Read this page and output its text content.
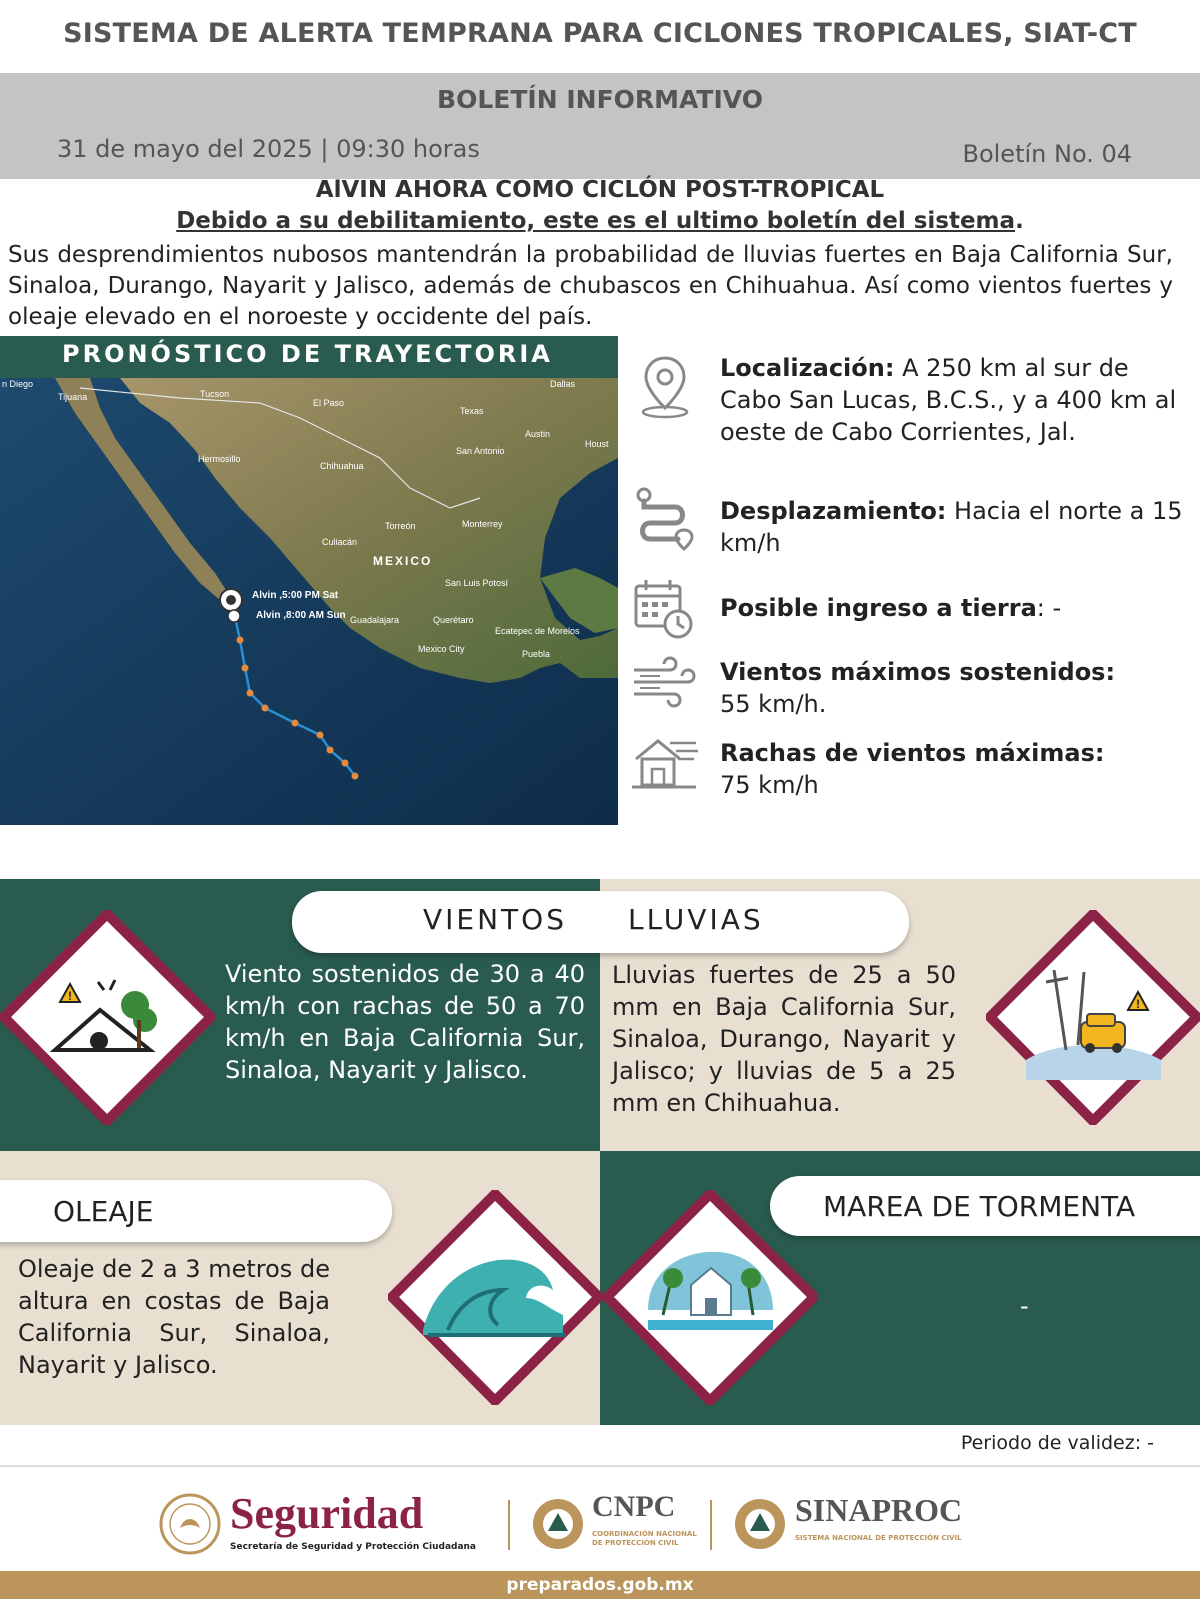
SISTEMA DE ALERTA TEMPRANA PARA CICLONES TROPICALES, SIAT-CT
BOLETÍN INFORMATIVO
31 de mayo del 2025 | 09:30 horas	Boletín No. 04
AlVIN AHORA COMO CICLÓN POST-TROPICAL
Debido a su debilitamiento, este es el ultimo boletín del sistema.
Sus desprendimientos nubosos mantendrán la probabilidad de lluvias fuertes en Baja California Sur, Sinaloa, Durango, Nayarit y Jalisco, además de chubascos en Chihuahua. Así como vientos fuertes y oleaje elevado en el noroeste y occidente del país.
PRONÓSTICO DE TRAYECTORIA
Alvin ,5:00 PM Sat
Alvin ,8:00 AM Sun
MEXICO
n Diego
Tijuana	Tucson
El Paso
Dallas
Texas
Austin
Houst
San Antonio
Hermosillo
Chihuahua
Torreón	Monterrey
Culiacán
San Luis Potosí
Guadalajara	Querétaro
Ecatepec de Morelos
Mexico City	Puebla
Localización: A 250 km al sur de Cabo San Lucas, B.C.S., y a 400 km al oeste de Cabo Corrientes, Jal.
Desplazamiento: Hacia el norte a 15 km/h
Posible ingreso a tierra: -
Vientos máximos sostenidos:
55 km/h.
Rachas de vientos máximas:
75 km/h
VIENTOS LLUVIAS
!
Viento sostenidos de 30 a 40 km/h con rachas de 50 a 70 km/h en Baja California Sur, Sinaloa, Nayarit y Jalisco.
Lluvias fuertes de 25 a 50 mm en Baja California Sur, Sinaloa, Durango, Nayarit y Jalisco; y lluvias de 5 a 25 mm en Chihuahua.
!
OLEAJE
Oleaje de 2 a 3 metros de altura en costas de Baja California Sur, Sinaloa, Nayarit y Jalisco.
MAREA DE TORMENTA
-
Periodo de validez: -
Seguridad
Secretaría de Seguridad y Protección Ciudadana
CNPC
COORDINACIÓN NACIONAL
DE PROTECCIÓN CIVIL
SINAPROC
SISTEMA NACIONAL DE PROTECCIÓN CIVIL
preparados.gob.mx
